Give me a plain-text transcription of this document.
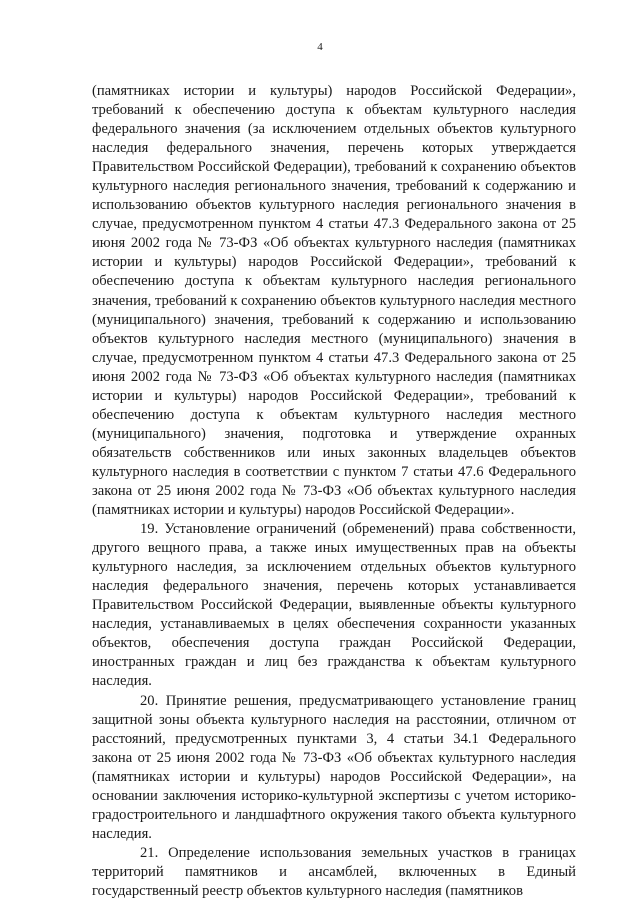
4

(памятниках истории и культуры) народов Российской Федерации», требований к обеспечению доступа к объектам культурного наследия федерального значения (за исключением отдельных объектов культурного наследия федерального значения, перечень которых утверждается Правительством Российской Федерации), требований к сохранению объектов культурного наследия регионального значения, требований к содержанию и использованию объектов культурного наследия регионального значения в случае, предусмотренном пунктом 4 статьи 47.3 Федерального закона от 25 июня 2002 года № 73-ФЗ «Об объектах культурного наследия (памятниках истории и культуры) народов Российской Федерации», требований к обеспечению доступа к объектам культурного наследия регионального значения, требований к сохранению объектов культурного наследия местного (муниципального) значения, требований к содержанию и использованию объектов культурного наследия местного (муниципального) значения в случае, предусмотренном пунктом 4 статьи 47.3 Федерального закона от 25 июня 2002 года № 73-ФЗ «Об объектах культурного наследия (памятниках истории и культуры) народов Российской Федерации», требований к обеспечению доступа к объектам культурного наследия местного (муниципального) значения, подготовка и утверждение охранных обязательств собственников или иных законных владельцев объектов культурного наследия в соответствии с пунктом 7 статьи 47.6 Федерального закона от 25 июня 2002 года № 73-ФЗ «Об объектах культурного наследия (памятниках истории и культуры) народов Российской Федерации».

19. Установление ограничений (обременений) права собственности, другого вещного права, а также иных имущественных прав на объекты культурного наследия, за исключением отдельных объектов культурного наследия федерального значения, перечень которых устанавливается Правительством Российской Федерации, выявленные объекты культурного наследия, устанавливаемых в целях обеспечения сохранности указанных объектов, обеспечения доступа граждан Российской Федерации, иностранных граждан и лиц без гражданства к объектам культурного наследия.

20. Принятие решения, предусматривающего установление границ защитной зоны объекта культурного наследия на расстоянии, отличном от расстояний, предусмотренных пунктами 3, 4 статьи 34.1 Федерального закона от 25 июня 2002 года № 73-ФЗ «Об объектах культурного наследия (памятниках истории и культуры) народов Российской Федерации», на основании заключения историко-культурной экспертизы с учетом историко-градостроительного и ландшафтного окружения такого объекта культурного наследия.

21. Определение использования земельных участков в границах территорий памятников и ансамблей, включенных в Единый государственный реестр объектов культурного наследия (памятников
